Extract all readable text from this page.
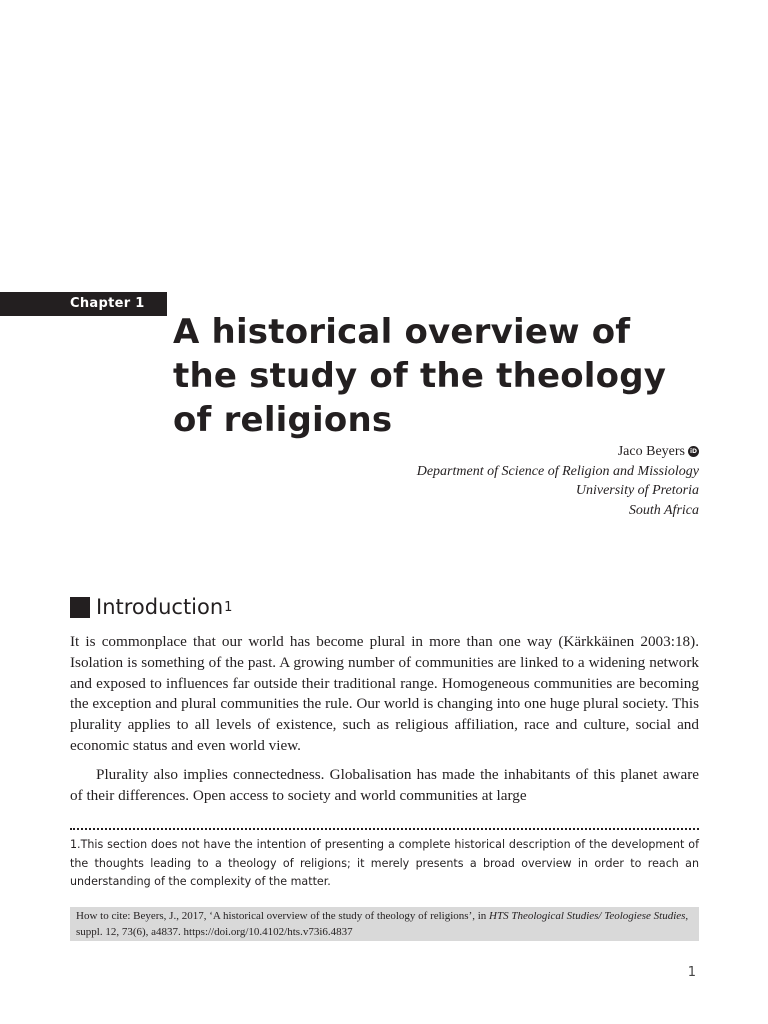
Chapter 1
A historical overview of
the study of the theology
of religions
Jaco Beyers iD
Department of Science of Religion and Missiology
University of Pretoria
South Africa
Introduction 1

It is commonplace that our world has become plural in more than one way (Kärkkäinen 2003:18). Isolation is something of the past. A growing number of communities are linked to a widening network and exposed to influences far outside their traditional range. Homogeneous communities are becoming the exception and plural communities the rule. Our world is changing into one huge plural society. This plurality applies to all levels of existence, such as religious affiliation, race and culture, social and economic status and even world view.

Plurality also implies connectedness. Globalisation has made the inhabitants of this planet aware of their differences. Open access to society and world communities at large

1.This section does not have the intention of presenting a complete historical description of the development of the thoughts leading to a theology of religions; it merely presents a broad overview in order to reach an understanding of the complexity of the matter.

How to cite: Beyers, J., 2017, ‘A historical overview of the study of theology of religions’, in HTS Theological Studies/ Teologiese Studies, suppl. 12, 73(6), a4837. https://doi.org/10.4102/hts.v73i6.4837
1
